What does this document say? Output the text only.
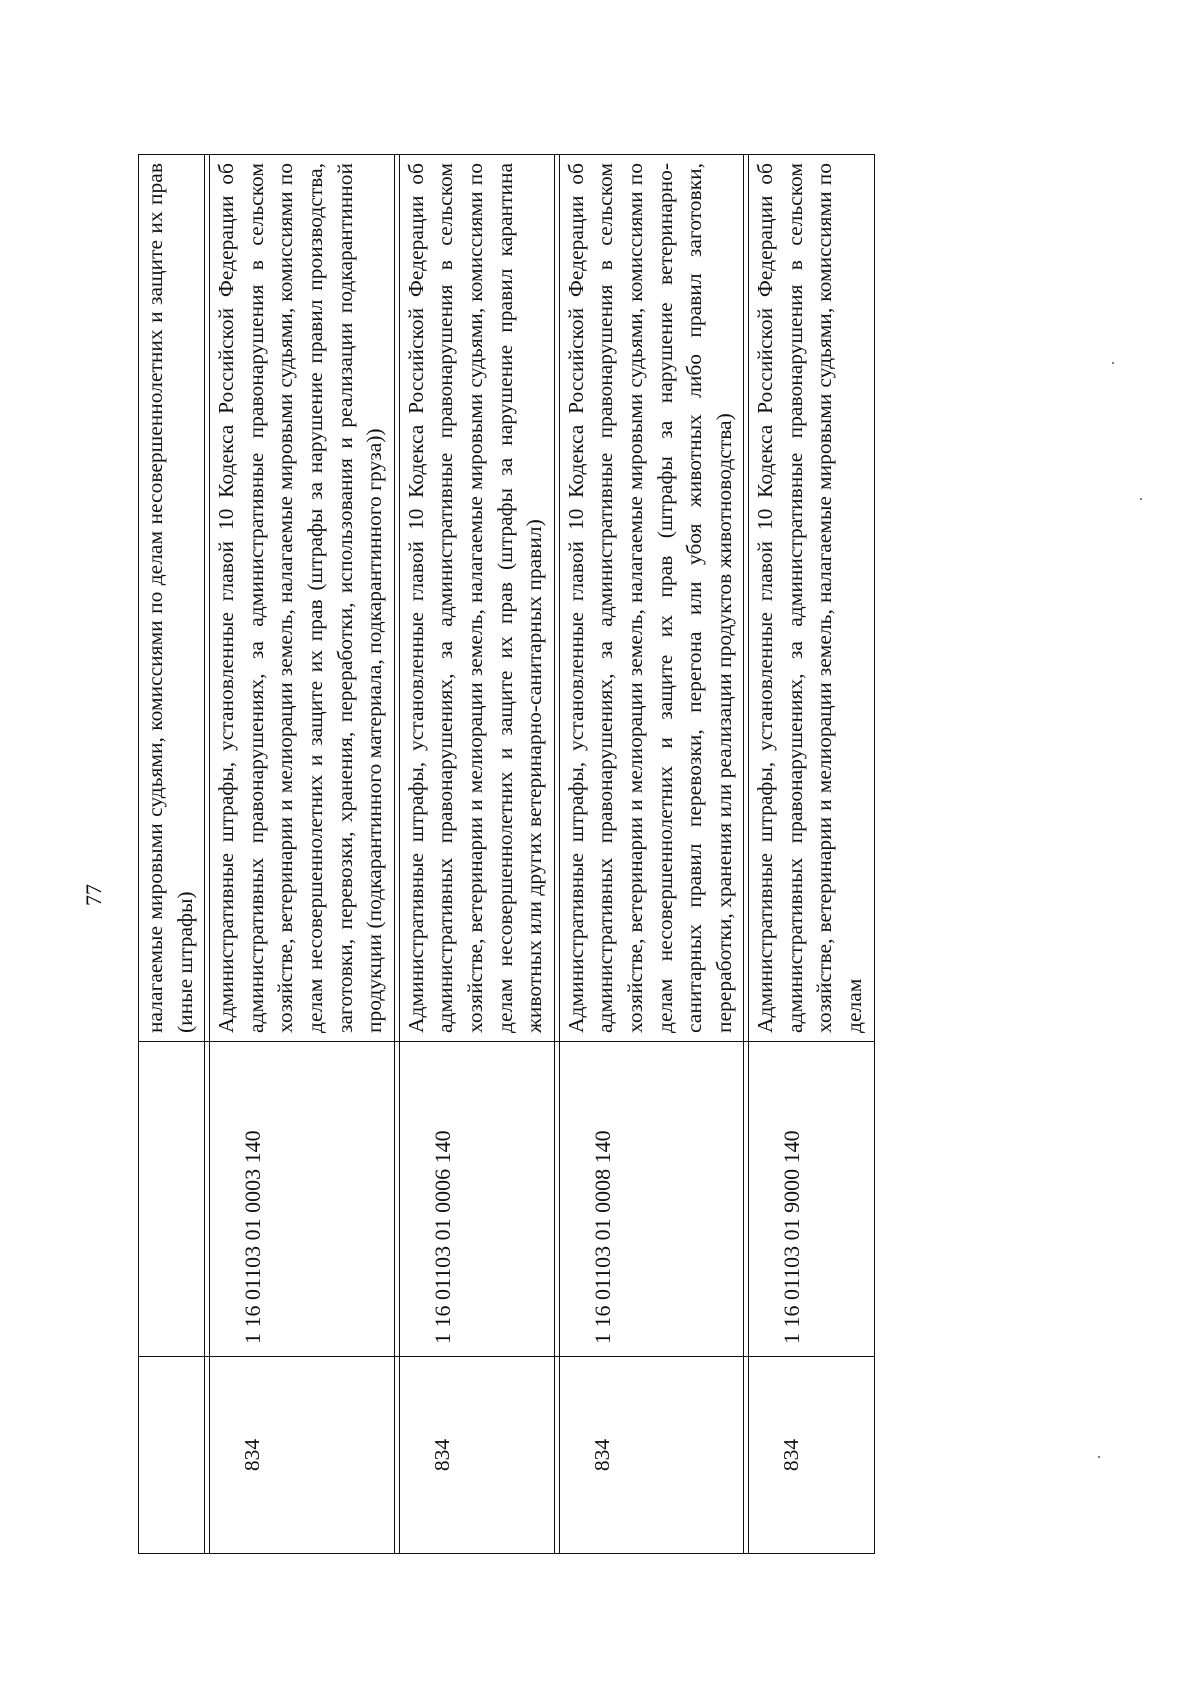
77
		налагаемые мировыми судьями, комиссиями по делам несовершеннолетних и защите их прав (иные штрафы)

834	1 16 01103 01 0003 140	Административные штрафы, установленные главой 10 Кодекса Российской Федерации об административных правонарушениях, за административные правонарушения в сельском хозяйстве, ветеринарии и мелиорации земель, налагаемые мировыми судьями, комиссиями по делам несовершеннолетних и защите их прав (штрафы за нарушение правил производства, заготовки, перевозки, хранения, переработки, использования и реализации подкарантинной продукции (подкарантинного материала, подкарантинного груза))

834	1 16 01103 01 0006 140	Административные штрафы, установленные главой 10 Кодекса Российской Федерации об административных правонарушениях, за административные правонарушения в сельском хозяйстве, ветеринарии и мелиорации земель, налагаемые мировыми судьями, комиссиями по делам несовершеннолетних и защите их прав (штрафы за нарушение правил карантина животных или других ветеринарно-санитарных правил)

834	1 16 01103 01 0008 140	Административные штрафы, установленные главой 10 Кодекса Российской Федерации об административных правонарушениях, за административные правонарушения в сельском хозяйстве, ветеринарии и мелиорации земель, налагаемые мировыми судьями, комиссиями по делам несовершеннолетних и защите их прав (штрафы за нарушение ветеринарно-санитарных правил перевозки, перегона или убоя животных либо правил заготовки, переработки, хранения или реализации продуктов животноводства)

834	1 16 01103 01 9000 140	Административные штрафы, установленные главой 10 Кодекса Российской Федерации об административных правонарушениях, за административные правонарушения в сельском хозяйстве, ветеринарии и мелиорации земель, налагаемые мировыми судьями, комиссиями по делам
